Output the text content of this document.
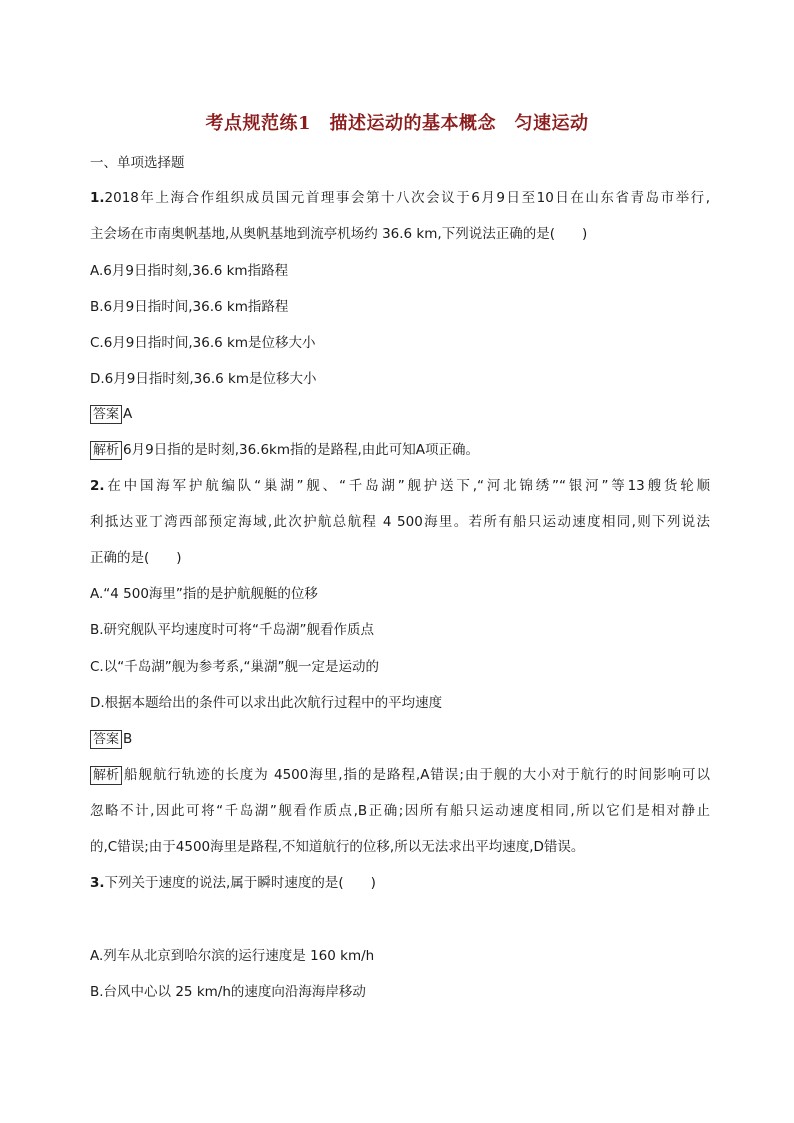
考点规范练1　描述运动的基本概念　匀速运动
一、单项选择题
1.2018年上海合作组织成员国元首理事会第十八次会议于6月9日至10日在山东省青岛市举行,
主会场在市南奥帆基地,从奥帆基地到流亭机场约 36.6 km,下列说法正确的是(　　)
A.6月9日指时刻,36.6 km指路程
B.6月9日指时间,36.6 km指路程
C.6月9日指时间,36.6 km是位移大小
D.6月9日指时刻,36.6 km是位移大小
答案 A
解析 6月9日指的是时刻,36.6km指的是路程,由此可知A项正确。
2.在中国海军护航编队“巢湖”舰、“千岛湖”舰护送下,“河北锦绣”“银河”等13艘货轮顺
利抵达亚丁湾西部预定海域,此次护航总航程 4 500海里。若所有船只运动速度相同,则下列说法
正确的是(　　)
A.“4 500海里”指的是护航舰艇的位移
B.研究舰队平均速度时可将“千岛湖”舰看作质点
C.以“千岛湖”舰为参考系,“巢湖”舰一定是运动的
D.根据本题给出的条件可以求出此次航行过程中的平均速度
答案 B
解析 船舰航行轨迹的长度为 4500海里,指的是路程,A错误;由于舰的大小对于航行的时间影响可以
忽略不计,因此可将“千岛湖”舰看作质点,B正确;因所有船只运动速度相同,所以它们是相对静止
的,C错误;由于4500海里是路程,不知道航行的位移,所以无法求出平均速度,D错误。
3.下列关于速度的说法,属于瞬时速度的是(　　)
A.列车从北京到哈尔滨的运行速度是 160 km/h
B.台风中心以 25 km/h的速度向沿海海岸移动
